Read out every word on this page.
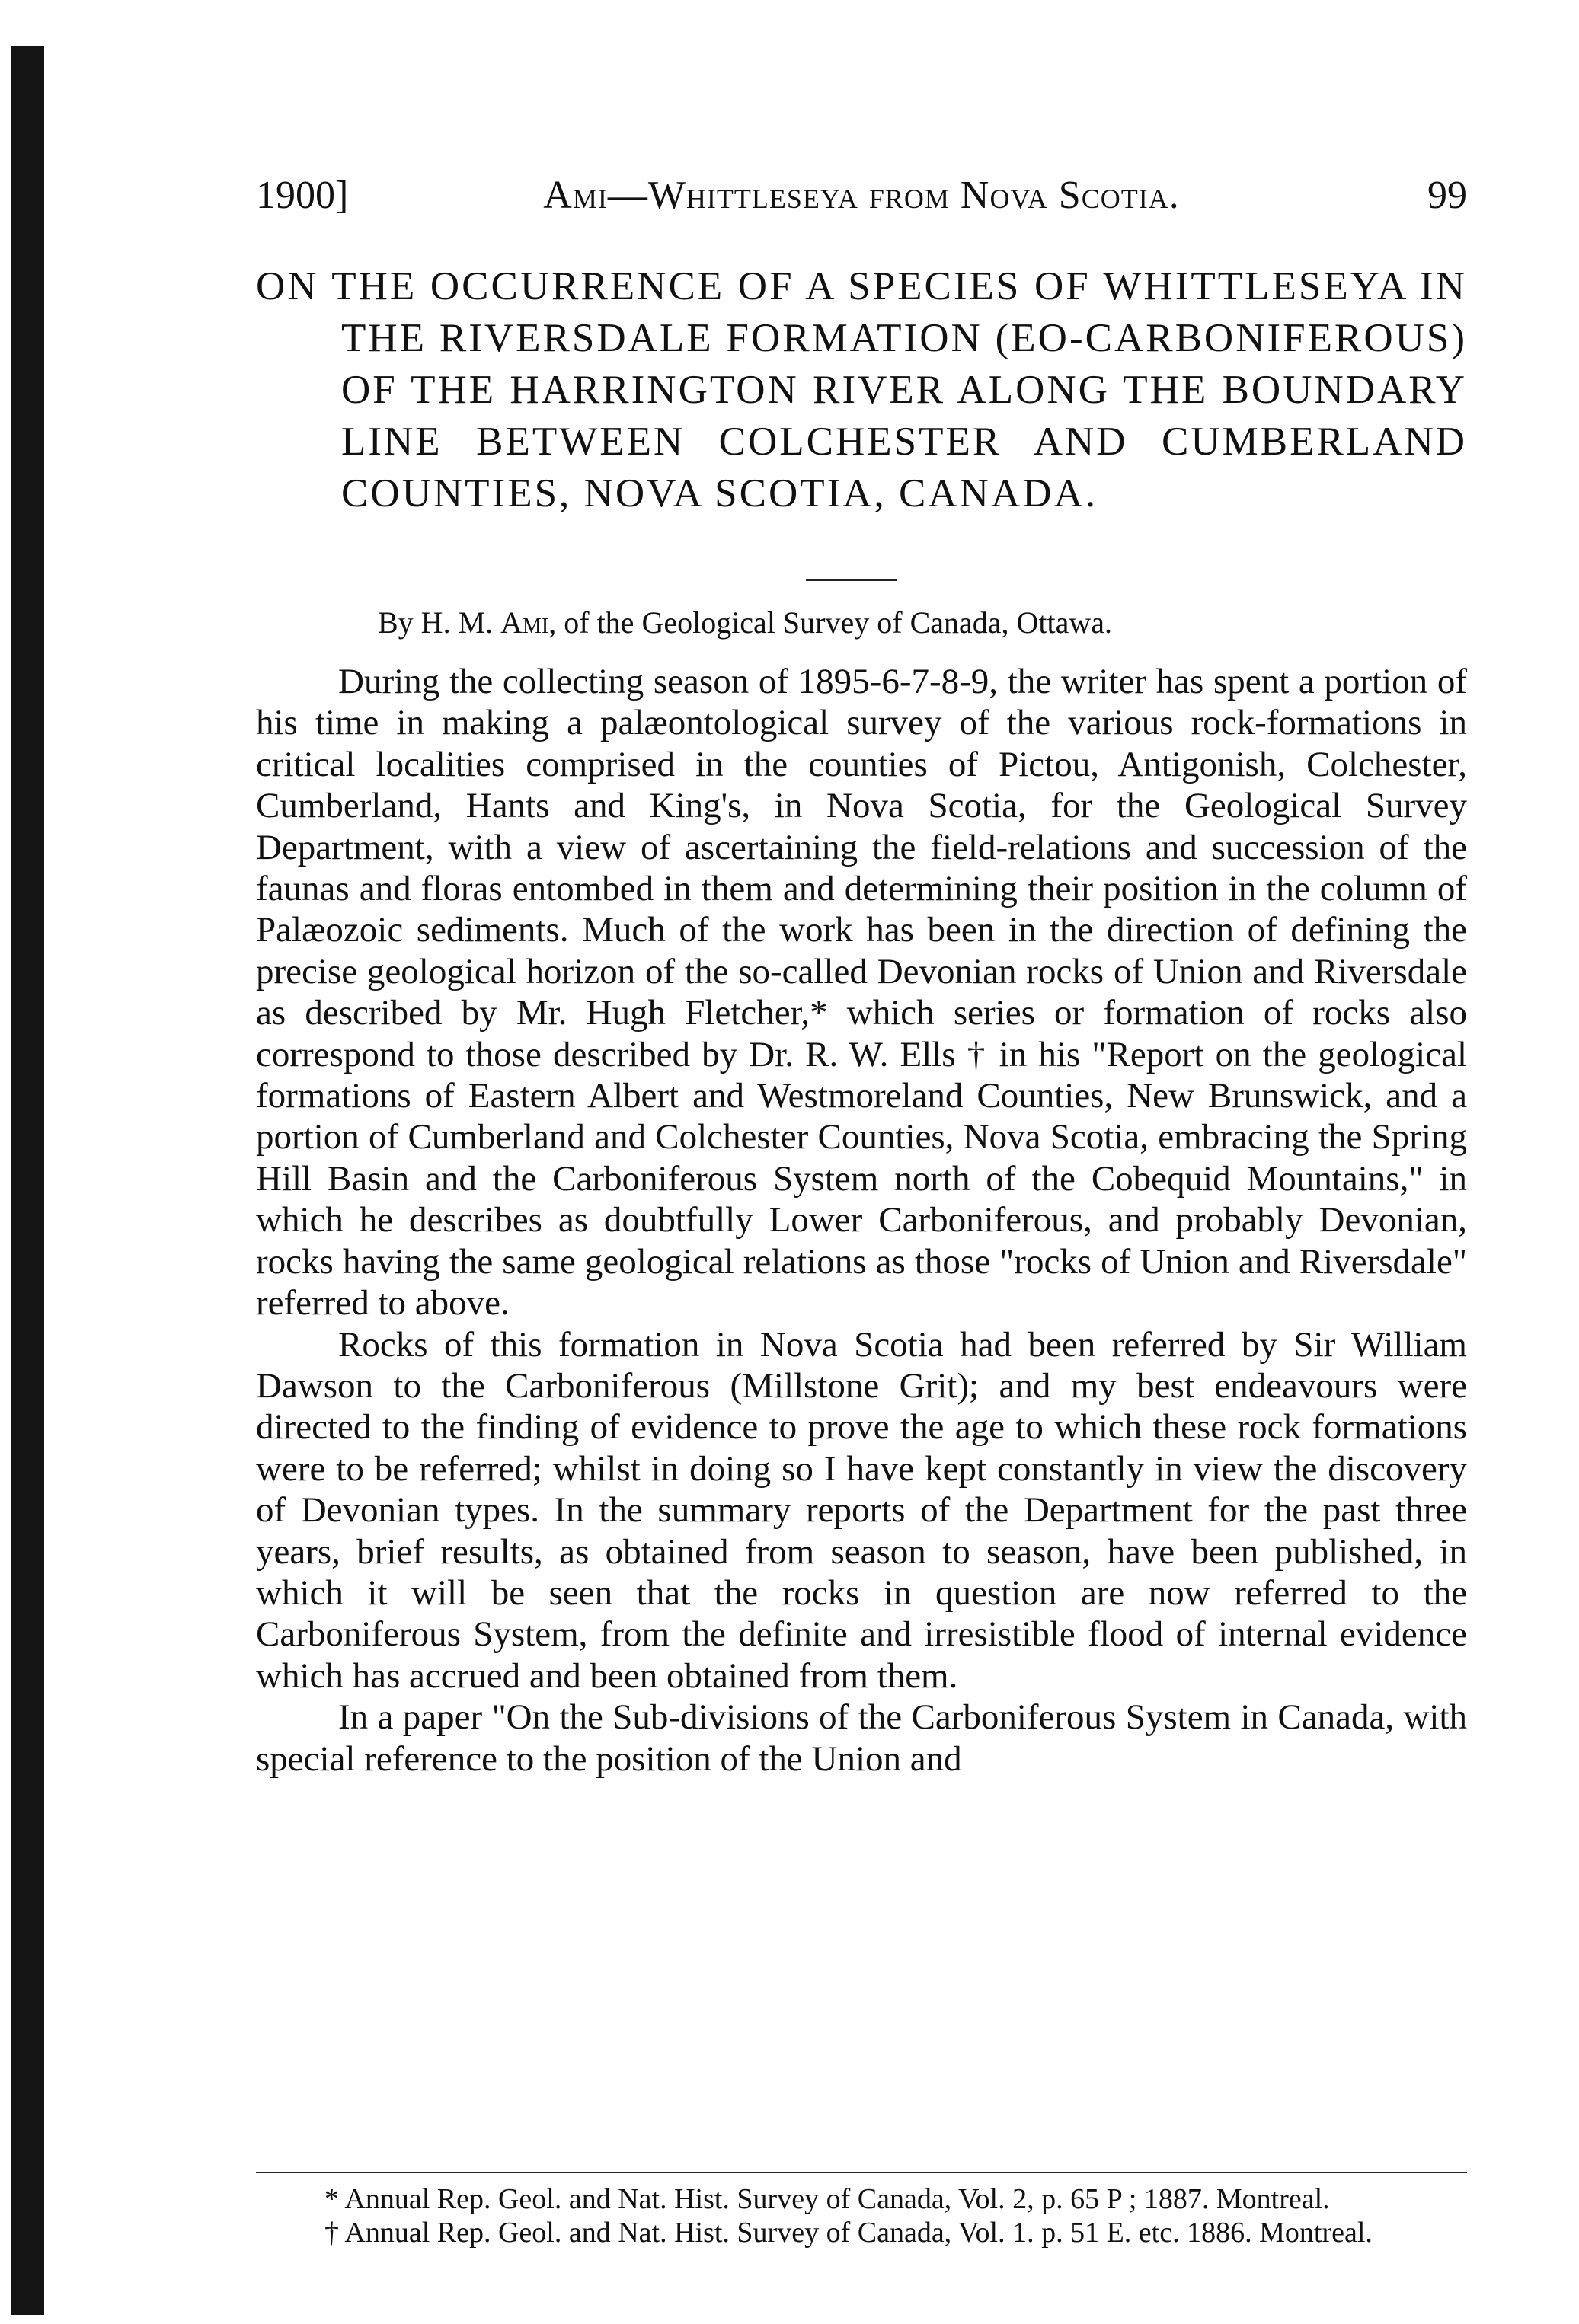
1900]	Ami—Whittleseya from Nova Scotia.	99
ON THE OCCURRENCE OF A SPECIES OF WHITTLESEYA IN THE RIVERSDALE FORMATION (EO-CARBONIFEROUS) OF THE HARRINGTON RIVER ALONG THE BOUNDARY LINE BETWEEN COLCHESTER AND CUMBERLAND COUNTIES, NOVA SCOTIA, CANADA.
By H. M. Ami, of the Geological Survey of Canada, Ottawa.

During the collecting season of 1895-6-7-8-9, the writer has spent a portion of his time in making a palæontological survey of the various rock-formations in critical localities comprised in the counties of Pictou, Antigonish, Colchester, Cumberland, Hants and King's, in Nova Scotia, for the Geological Survey Department, with a view of ascertaining the field-relations and succession of the faunas and floras entombed in them and determining their position in the column of Palæozoic sediments. Much of the work has been in the direction of defining the precise geological horizon of the so-called Devonian rocks of Union and Riversdale as described by Mr. Hugh Fletcher,* which series or formation of rocks also correspond to those described by Dr. R. W. Ells † in his "Report on the geological formations of Eastern Albert and Westmoreland Counties, New Brunswick, and a portion of Cumberland and Colchester Counties, Nova Scotia, embracing the Spring Hill Basin and the Carboniferous System north of the Cobequid Mountains," in which he describes as doubtfully Lower Carboniferous, and probably Devonian, rocks having the same geological relations as those "rocks of Union and Riversdale" referred to above.

Rocks of this formation in Nova Scotia had been referred by Sir William Dawson to the Carboniferous (Millstone Grit); and my best endeavours were directed to the finding of evidence to prove the age to which these rock formations were to be referred; whilst in doing so I have kept constantly in view the discovery of Devonian types. In the summary reports of the Department for the past three years, brief results, as obtained from season to season, have been published, in which it will be seen that the rocks in question are now referred to the Carboniferous System, from the definite and irresistible flood of internal evidence which has accrued and been obtained from them.

In a paper "On the Sub-divisions of the Carboniferous System in Canada, with special reference to the position of the Union and

* Annual Rep. Geol. and Nat. Hist. Survey of Canada, Vol. 2, p. 65 P ; 1887. Montreal.

† Annual Rep. Geol. and Nat. Hist. Survey of Canada, Vol. 1. p. 51 E. etc. 1886. Montreal.
